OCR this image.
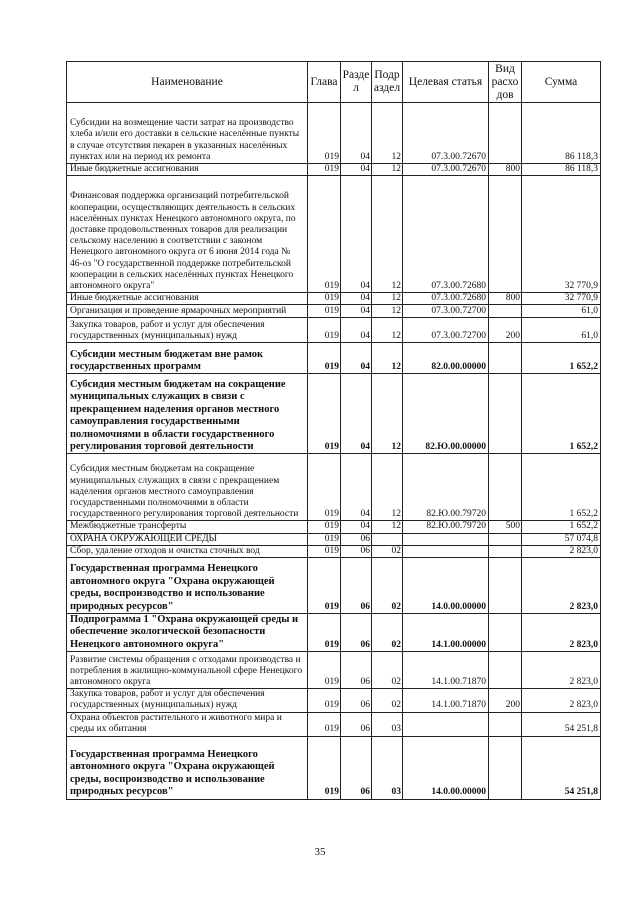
Наименование	Глава	Разде л	Подр аздел	Целевая статья	Вид расхо дов	Сумма
Субсидии на возмещение части затрат на производство хлеба и/или его доставки в сельские населённые пункты в случае отсутствия пекарен в указанных населённых пунктах или на период их ремонта	019	04	12	07.3.00.72670		86 118,3
Иные бюджетные ассигнования	019	04	12	07.3.00.72670	800	86 118,3
Финансовая поддержка организаций потребительской кооперации, осуществляющих деятельность в сельских населённых пунктах Ненецкого автономного округа, по доставке продовольственных товаров для реализации сельскому населению в соответствии с законом Ненецкого автономного округа от 6 июня 2014 года № 46-оз "О государственной поддержке потребительской кооперации в сельских населённых пунктах Ненецкого автономного округа"	019	04	12	07.3.00.72680		32 770,9
Иные бюджетные ассигнования	019	04	12	07.3.00.72680	800	32 770,9
Организация и проведение ярмарочных мероприятий	019	04	12	07.3.00.72700		61,0
Закупка товаров, работ и услуг для обеспечения государственных (муниципальных) нужд	019	04	12	07.3.00.72700	200	61,0
Субсидии местным бюджетам вне рамок государственных программ	019	04	12	82.0.00.00000		1 652,2
Субсидия местным бюджетам на сокращение муниципальных служащих в связи с прекращением наделения органов местного самоуправления государственными полномочиями в области государственного регулирования торговой деятельности	019	04	12	82.Ю.00.00000		1 652,2
Субсидия местным бюджетам на сокращение муниципальных служащих в связи с прекращением наделения органов местного самоуправления государственными полномочиями в области государственного регулирования торговой деятельности	019	04	12	82.Ю.00.79720		1 652,2
Межбюджетные трансферты	019	04	12	82.Ю.00.79720	500	1 652,2
ОХРАНА ОКРУЖАЮЩЕЙ СРЕДЫ	019	06				57 074,8
Сбор, удаление отходов и очистка сточных вод	019	06	02			2 823,0
Государственная программа Ненецкого автономного округа "Охрана окружающей среды, воспроизводство и использование природных ресурсов"	019	06	02	14.0.00.00000		2 823,0
Подпрограмма 1 "Охрана окружающей среды и обеспечение экологической безопасности Ненецкого автономного округа"	019	06	02	14.1.00.00000		2 823,0
Развитие системы обращения с отходами производства и потребления в жилищно-коммунальной сфере Ненецкого автономного округа	019	06	02	14.1.00.71870		2 823,0
Закупка товаров, работ и услуг для обеспечения государственных (муниципальных) нужд	019	06	02	14.1.00.71870	200	2 823,0
Охрана объектов растительного и животного мира и среды их обитания	019	06	03			54 251,8
Государственная программа Ненецкого автономного округа "Охрана окружающей среды, воспроизводство и использование природных ресурсов"	019	06	03	14.0.00.00000		54 251,8
35
